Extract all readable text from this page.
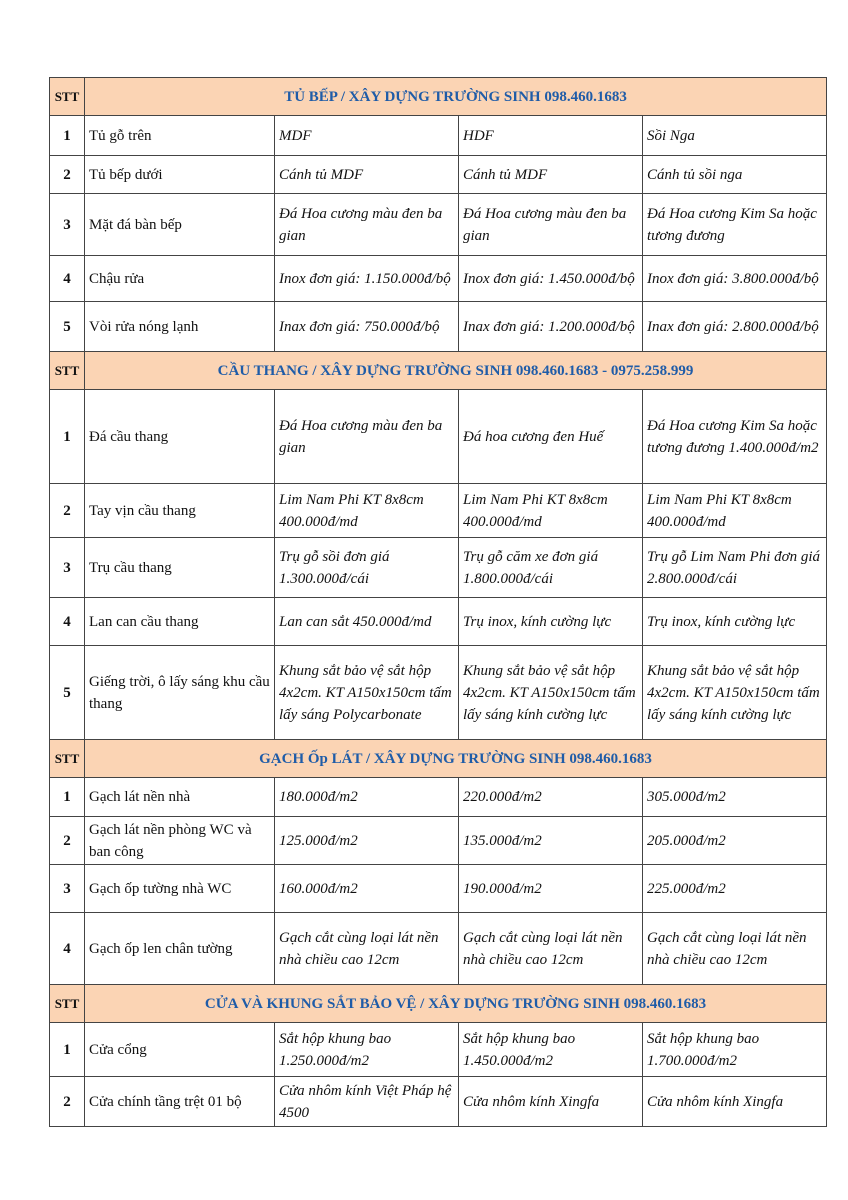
STT	TỦ BẾP / XÂY DỰNG TRƯỜNG SINH 098.460.1683			
1	Tủ gỗ trên	MDF	HDF	Sồi Nga
2	Tủ bếp dưới	Cánh tủ MDF	Cánh tủ MDF	Cánh tủ sồi nga
3	Mặt đá bàn bếp	Đá Hoa cương màu đen ba gian	Đá Hoa cương màu đen ba gian	Đá Hoa cương Kim Sa hoặc tương đương
4	Chậu rửa	Inox đơn giá: 1.150.000đ/bộ	Inox đơn giá: 1.450.000đ/bộ	Inox đơn giá: 3.800.000đ/bộ
5	Vòi rửa nóng lạnh	Inax đơn giá: 750.000đ/bộ	Inax đơn giá: 1.200.000đ/bộ	Inax đơn giá: 2.800.000đ/bộ
STT	CẦU THANG / XÂY DỰNG TRƯỜNG SINH 098.460.1683 - 0975.258.999			
1	Đá cầu thang	Đá Hoa cương màu đen ba gian	Đá hoa cương đen Huế	Đá Hoa cương Kim Sa hoặc tương đương 1.400.000đ/m2
2	Tay vịn cầu thang	Lim Nam Phi KT 8x8cm 400.000đ/md	Lim Nam Phi KT 8x8cm 400.000đ/md	Lim Nam Phi KT 8x8cm 400.000đ/md
3	Trụ cầu thang	Trụ gỗ sồi đơn giá 1.300.000đ/cái	Trụ gỗ căm xe đơn giá 1.800.000đ/cái	Trụ gỗ Lim Nam Phi đơn giá 2.800.000đ/cái
4	Lan can cầu thang	Lan can sắt 450.000đ/md	Trụ inox, kính cường lực	Trụ inox, kính cường lực
5	Giếng trời, ô lấy sáng khu cầu thang	Khung sắt bảo vệ sắt hộp 4x2cm. KT A150x150cm tấm lấy sáng Polycarbonate	Khung sắt bảo vệ sắt hộp 4x2cm. KT A150x150cm tấm lấy sáng kính cường lực	Khung sắt bảo vệ sắt hộp 4x2cm. KT A150x150cm tấm lấy sáng kính cường lực
STT	GẠCH Ốp LÁT / XÂY DỰNG TRƯỜNG SINH 098.460.1683			
1	Gạch lát nền nhà	180.000đ/m2	220.000đ/m2	305.000đ/m2
2	Gạch lát nền phòng WC và ban công	125.000đ/m2	135.000đ/m2	205.000đ/m2
3	Gạch ốp tường nhà WC	160.000đ/m2	190.000đ/m2	225.000đ/m2
4	Gạch ốp len chân tường	Gạch cắt cùng loại lát nền nhà chiều cao 12cm	Gạch cắt cùng loại lát nền nhà chiều cao 12cm	Gạch cắt cùng loại lát nền nhà chiều cao 12cm
STT	CỬA VÀ KHUNG SẮT BẢO VỆ / XÂY DỰNG TRƯỜNG SINH 098.460.1683			
1	Cửa cổng	Sắt hộp khung bao 1.250.000đ/m2	Sắt hộp khung bao 1.450.000đ/m2	Sắt hộp khung bao 1.700.000đ/m2
2	Cửa chính tầng trệt 01 bộ	Cửa nhôm kính Việt Pháp hệ 4500	Cửa nhôm kính Xingfa	Cửa nhôm kính Xingfa
